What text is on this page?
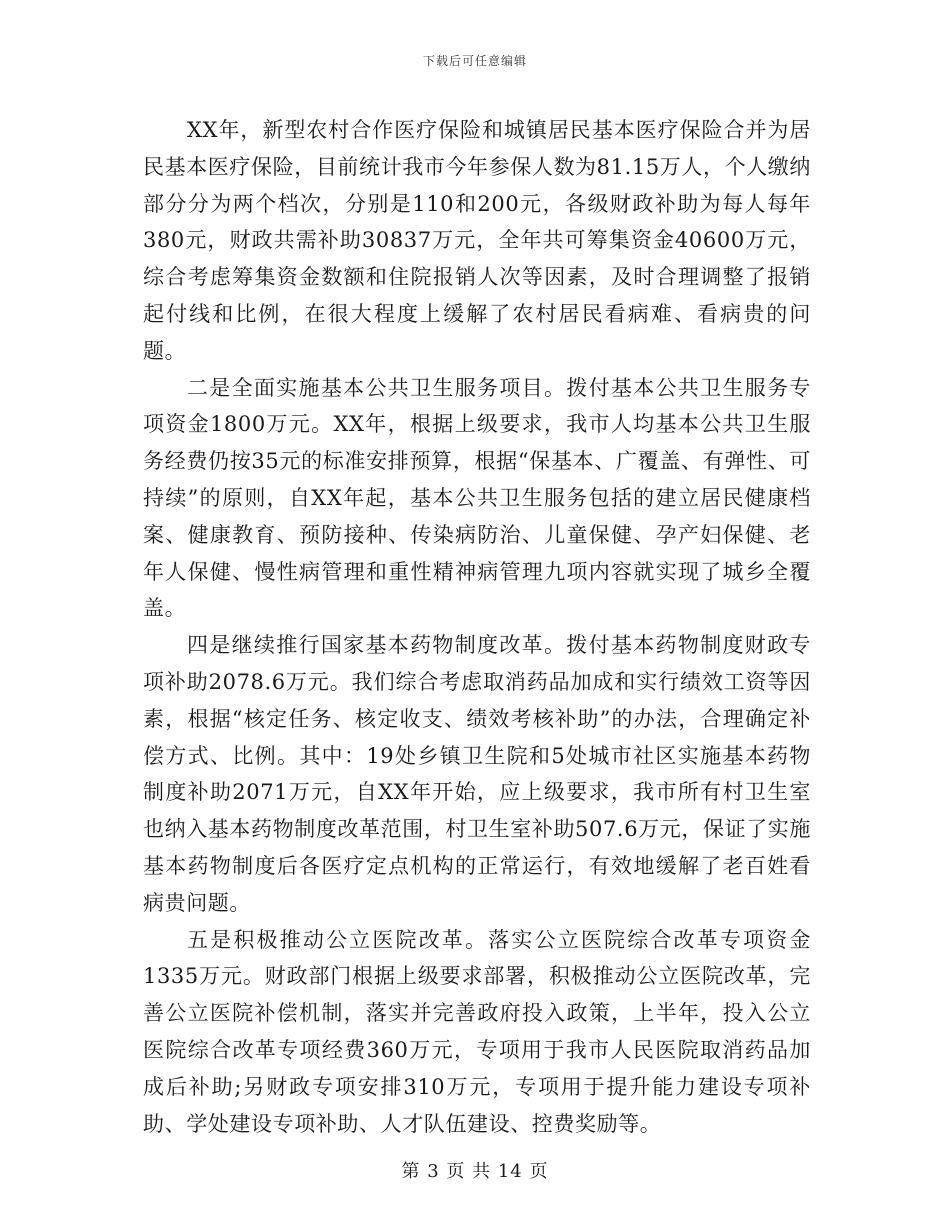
下载后可任意编辑

XX年，新型农村合作医疗保险和城镇居民基本医疗保险合并为居民基本医疗保险，目前统计我市今年参保人数为81.15万人，个人缴纳部分分为两个档次，分别是110和200元，各级财政补助为每人每年380元，财政共需补助30837万元，全年共可筹集资金40600万元，综合考虑筹集资金数额和住院报销人次等因素，及时合理调整了报销起付线和比例，在很大程度上缓解了农村居民看病难、看病贵的问题。

二是全面实施基本公共卫生服务项目。拨付基本公共卫生服务专项资金1800万元。XX年，根据上级要求，我市人均基本公共卫生服务经费仍按35元的标准安排预算，根据“保基本、广覆盖、有弹性、可持续”的原则，自XX年起，基本公共卫生服务包括的建立居民健康档案、健康教育、预防接种、传染病防治、儿童保健、孕产妇保健、老年人保健、慢性病管理和重性精神病管理九项内容就实现了城乡全覆盖。

四是继续推行国家基本药物制度改革。拨付基本药物制度财政专项补助2078.6万元。我们综合考虑取消药品加成和实行绩效工资等因素，根据“核定任务、核定收支、绩效考核补助”的办法，合理确定补偿方式、比例。其中：19处乡镇卫生院和5处城市社区实施基本药物制度补助2071万元，自XX年开始，应上级要求，我市所有村卫生室也纳入基本药物制度改革范围，村卫生室补助507.6万元，保证了实施基本药物制度后各医疗定点机构的正常运行，有效地缓解了老百姓看病贵问题。

五是积极推动公立医院改革。落实公立医院综合改革专项资金1335万元。财政部门根据上级要求部署，积极推动公立医院改革，完善公立医院补偿机制，落实并完善政府投入政策，上半年，投入公立医院综合改革专项经费360万元，专项用于我市人民医院取消药品加成后补助;另财政专项安排310万元，专项用于提升能力建设专项补助、学处建设专项补助、人才队伍建设、控费奖励等。

第 3 页 共 14 页
